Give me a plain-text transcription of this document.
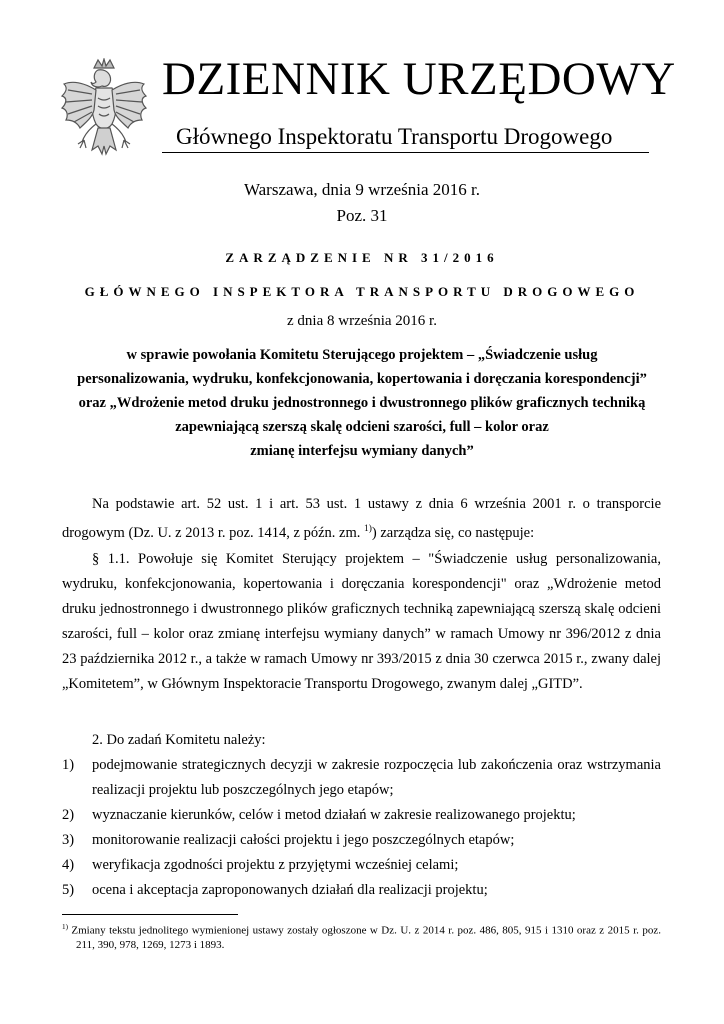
DZIENNIK URZĘDOWY
Głównego Inspektoratu Transportu Drogowego
Warszawa, dnia 9 września 2016 r.
Poz. 31
ZARZĄDZENIE NR 31/2016
GŁÓWNEGO INSPEKTORA TRANSPORTU DROGOWEGO
z dnia 8 września 2016 r.
w sprawie powołania Komitetu Sterującego projektem – „Świadczenie usług
personalizowania, wydruku, konfekcjonowania, kopertowania i doręczania korespondencji”
oraz „Wdrożenie metod druku jednostronnego i dwustronnego plików graficznych techniką
zapewniającą szerszą skalę odcieni szarości, full – kolor oraz
zmianę interfejsu wymiany danych”

Na podstawie art. 52 ust. 1 i art. 53 ust. 1 ustawy z dnia 6 września 2001 r. o transporcie drogowym (Dz. U. z 2013 r. poz. 1414, z późn. zm. $^{1)}$) zarządza się, co następuje:

§ 1.1. Powołuje się Komitet Sterujący projektem – "Świadczenie usług personalizowania, wydruku, konfekcjonowania, kopertowania i doręczania korespondencji" oraz „Wdrożenie metod druku jednostronnego i dwustronnego plików graficznych techniką zapewniającą szerszą skalę odcieni szarości, full – kolor oraz zmianę interfejsu wymiany danych” w ramach Umowy nr 396/2012 z dnia 23 października 2012 r., a także w ramach Umowy nr 393/2015 z dnia 30 czerwca 2015 r., zwany dalej „Komitetem”, w Głównym Inspektoracie Transportu Drogowego, zwanym dalej „GITD”.

2. Do zadań Komitetu należy:

1) podejmowanie strategicznych decyzji w zakresie rozpoczęcia lub zakończenia oraz wstrzymania realizacji projektu lub poszczególnych jego etapów;
2) wyznaczanie kierunków, celów i metod działań w zakresie realizowanego projektu;
3) monitorowanie realizacji całości projektu i jego poszczególnych etapów;
4) weryfikacja zgodności projektu z przyjętymi wcześniej celami;
5) ocena i akceptacja zaproponowanych działań dla realizacji projektu;

$^{1)}$ Zmiany tekstu jednolitego wymienionej ustawy zostały ogłoszone w Dz. U. z 2014 r. poz. 486, 805, 915 i 1310 oraz z 2015 r. poz. 211, 390, 978, 1269, 1273 i 1893.
